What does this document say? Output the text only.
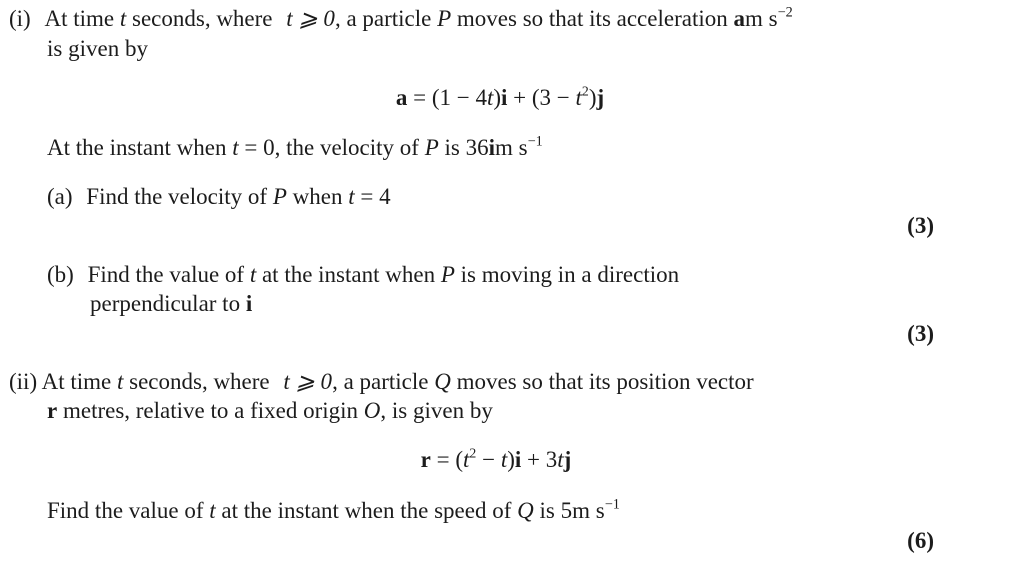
(i) At time t seconds, where t ⩾ 0, a particle P moves so that its acceleration am $s^{-2}$
is given by
$a = (1 - 4t)i + (3 - t^2)j$
At the instant when t = 0, the velocity of P is 36im $s^{-1}$
(a) Find the velocity of P when t = 4
(3)
(b) Find the value of t at the instant when P is moving in a direction
perpendicular to i
(3)
(ii) At time t seconds, where t ⩾ 0, a particle Q moves so that its position vector
r metres, relative to a fixed origin O, is given by
$r = (t^2 - t)i + 3tj$
Find the value of t at the instant when the speed of Q is 5m $s^{-1}$
(6)
